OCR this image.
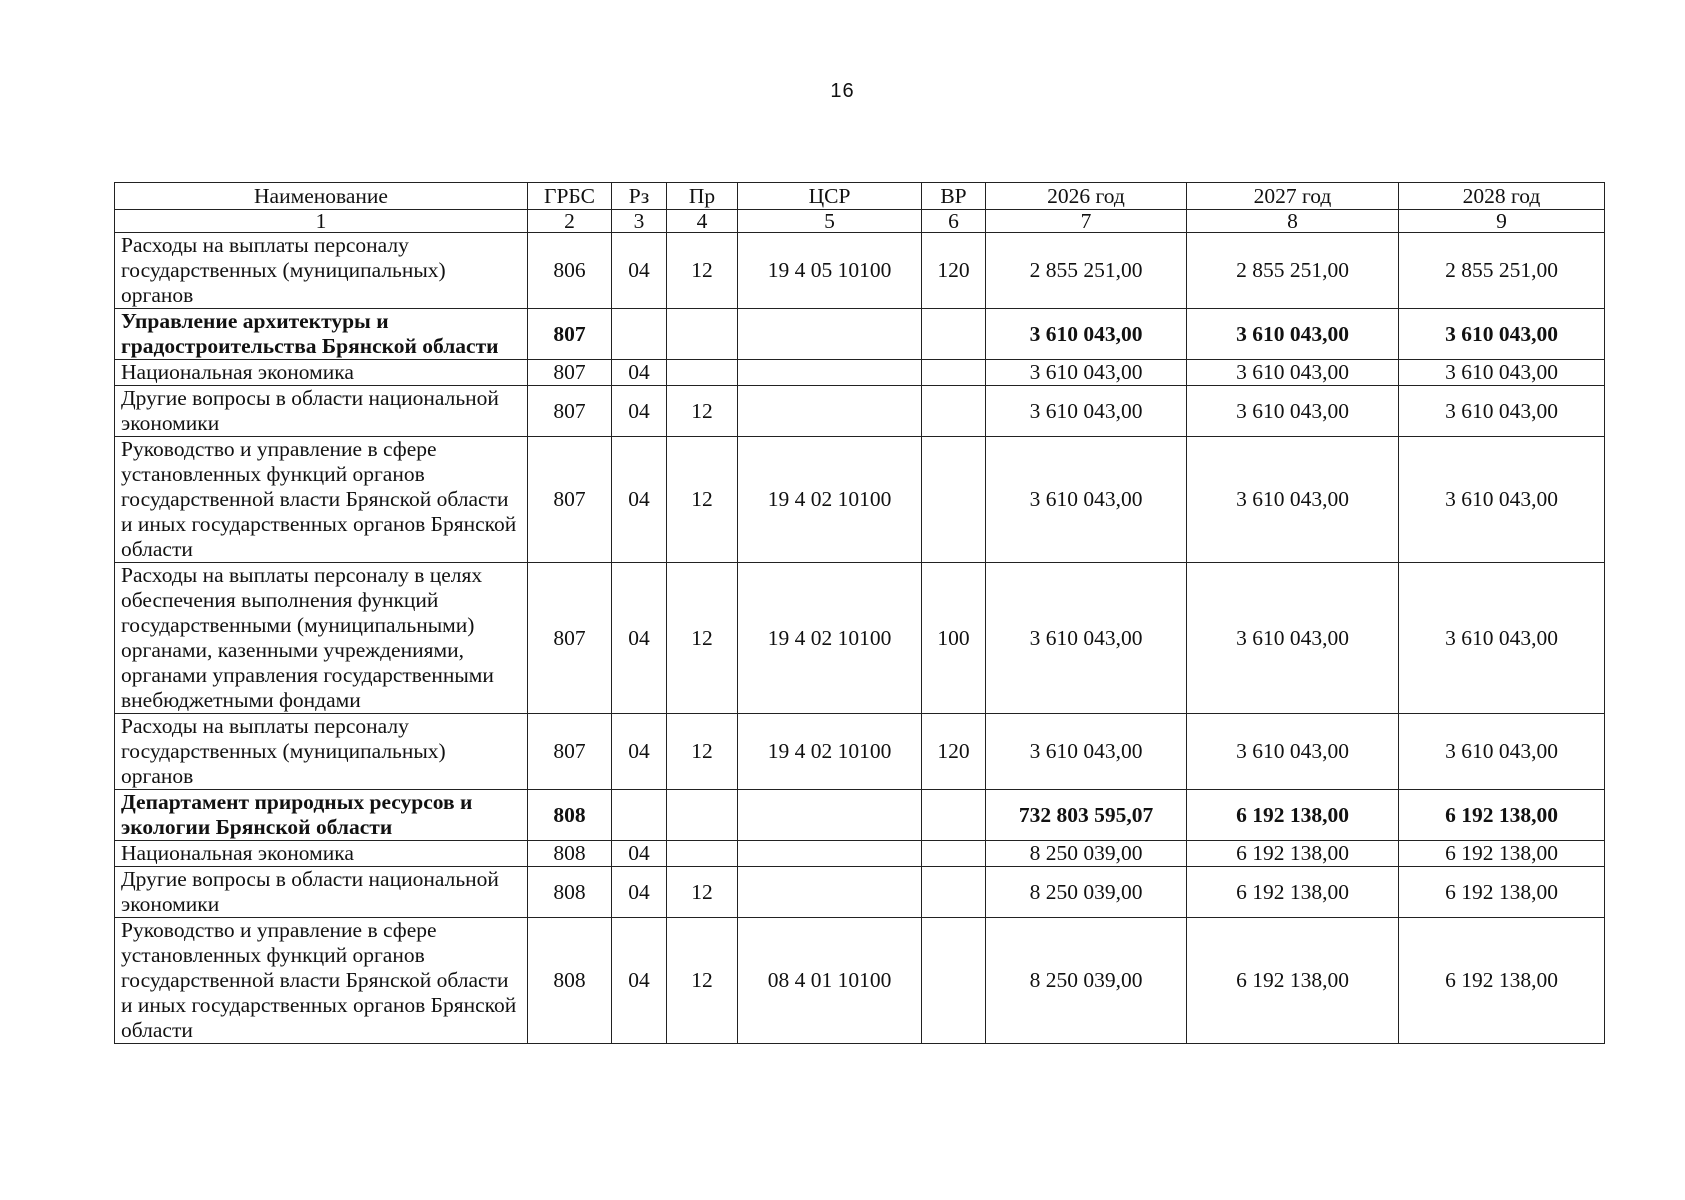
16
Наименование	ГРБС	Рз	Пр	ЦСР	ВР	2026 год	2027 год	2028 год
1	2	3	4	5	6	7	8	9
Расходы на выплаты персоналу государственных (муниципальных) органов	806	04	12	19 4 05 10100	120	2 855 251,00	2 855 251,00	2 855 251,00
Управление архитектуры и градостроительства Брянской области	807					3 610 043,00	3 610 043,00	3 610 043,00
Национальная экономика	807	04				3 610 043,00	3 610 043,00	3 610 043,00
Другие вопросы в области национальной экономики	807	04	12			3 610 043,00	3 610 043,00	3 610 043,00
Руководство и управление в сфере установленных функций органов государственной власти Брянской области и иных государственных органов Брянской области	807	04	12	19 4 02 10100		3 610 043,00	3 610 043,00	3 610 043,00
Расходы на выплаты персоналу в целях обеспечения выполнения функций государственными (муниципальными) органами, казенными учреждениями, органами управления государственными внебюджетными фондами	807	04	12	19 4 02 10100	100	3 610 043,00	3 610 043,00	3 610 043,00
Расходы на выплаты персоналу государственных (муниципальных) органов	807	04	12	19 4 02 10100	120	3 610 043,00	3 610 043,00	3 610 043,00
Департамент природных ресурсов и экологии Брянской области	808					732 803 595,07	6 192 138,00	6 192 138,00
Национальная экономика	808	04				8 250 039,00	6 192 138,00	6 192 138,00
Другие вопросы в области национальной экономики	808	04	12			8 250 039,00	6 192 138,00	6 192 138,00
Руководство и управление в сфере установленных функций органов государственной власти Брянской области и иных государственных органов Брянской области	808	04	12	08 4 01 10100		8 250 039,00	6 192 138,00	6 192 138,00
